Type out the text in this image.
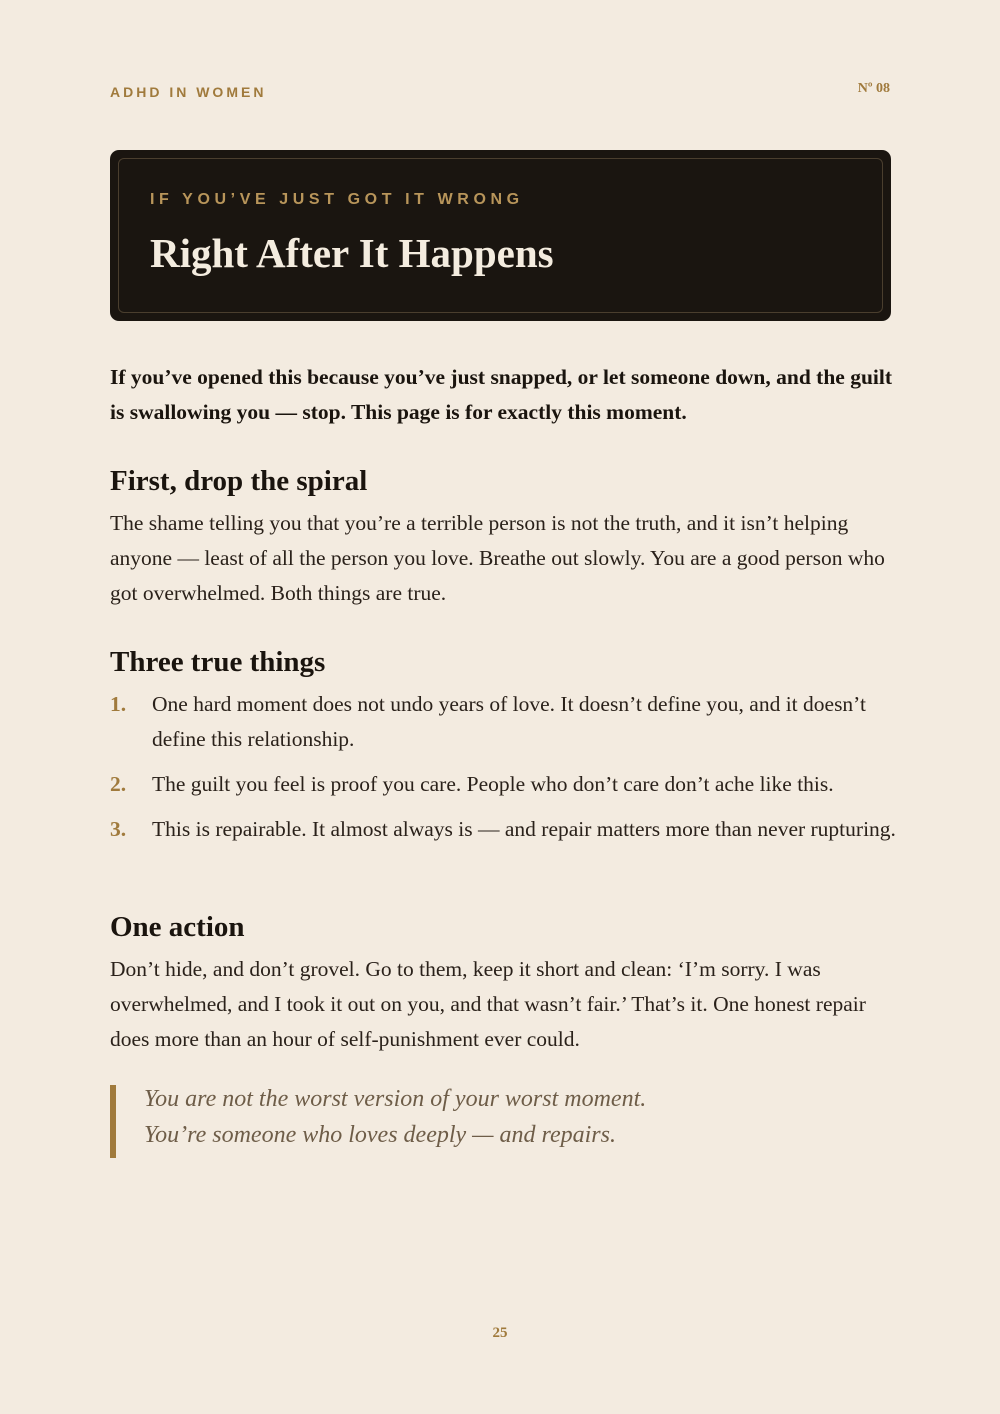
ADHD IN WOMEN	Nº 08
IF YOU’VE JUST GOT IT WRONG
Right After It Happens
If you’ve opened this because you’ve just snapped, or let someone down, and the guilt is swallowing you — stop. This page is for exactly this moment.
First, drop the spiral

The shame telling you that you’re a terrible person is not the truth, and it isn’t helping anyone — least of all the person you love. Breathe out slowly. You are a good person who got overwhelmed. Both things are true.

Three true things
1. One hard moment does not undo years of love. It doesn’t define you, and it doesn’t define this relationship.
2. The guilt you feel is proof you care. People who don’t care don’t ache like this.
3. This is repairable. It almost always is — and repair matters more than never rupturing.
One action

Don’t hide, and don’t grovel. Go to them, keep it short and clean: ‘I’m sorry. I was overwhelmed, and I took it out on you, and that wasn’t fair.’ That’s it. One honest repair does more than an hour of self-punishment ever could.

You are not the worst version of your worst moment.
You’re someone who loves deeply — and repairs.
25
